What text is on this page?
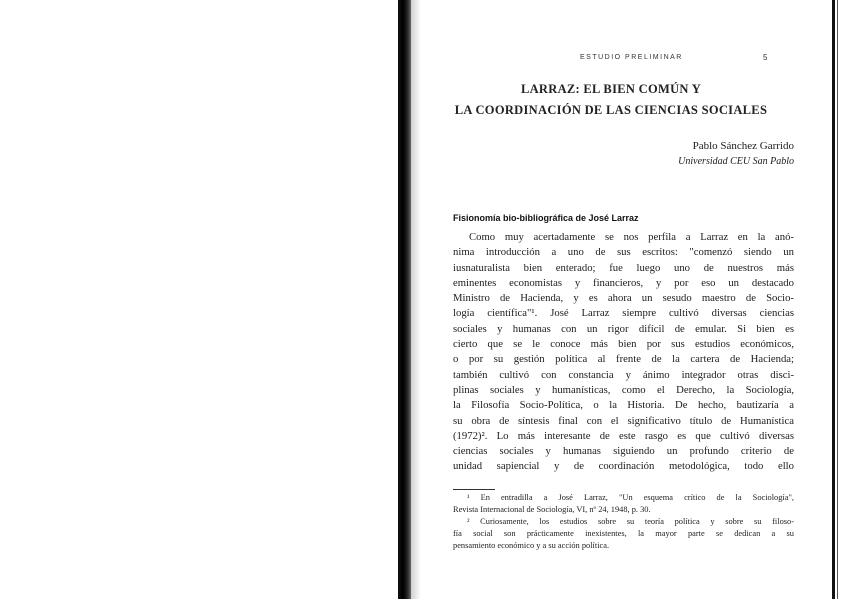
ESTUDIO PRELIMINAR	5
LARRAZ: EL BIEN COMÚN Y
LA COORDINACIÓN DE LAS CIENCIAS SOCIALES
Pablo Sánchez Garrido
Universidad CEU San Pablo
Fisionomía bio-bibliográfica de José Larraz
Como muy acertadamente se nos perfila a Larraz en la anó-
nima introducción a uno de sus escritos: "comenzó siendo un
iusnaturalista bien enterado; fue luego uno de nuestros más
eminentes economistas y financieros, y por eso un destacado
Ministro de Hacienda, y es ahora un sesudo maestro de Socio-
logía científica"¹. José Larraz siempre cultivó diversas ciencias
sociales y humanas con un rigor difícil de emular. Si bien es
cierto que se le conoce más bien por sus estudios económicos,
o por su gestión política al frente de la cartera de Hacienda;
también cultivó con constancia y ánimo integrador otras disci-
plinas sociales y humanísticas, como el Derecho, la Sociología,
la Filosofía Socio-Política, o la Historia. De hecho, bautizaría a
su obra de síntesis final con el significativo título de Humanística
(1972)². Lo más interesante de este rasgo es que cultivó diversas
ciencias sociales y humanas siguiendo un profundo criterio de
unidad sapiencial y de coordinación metodológica, todo ello
¹ En entradilla a José Larraz, "Un esquema crítico de la Sociología",
Revista Internacional de Sociología, VI, nº 24, 1948, p. 30.
² Curiosamente, los estudios sobre su teoría política y sobre su filoso-
fía social son prácticamente inexistentes, la mayor parte se dedican a su
pensamiento económico y a su acción política.
